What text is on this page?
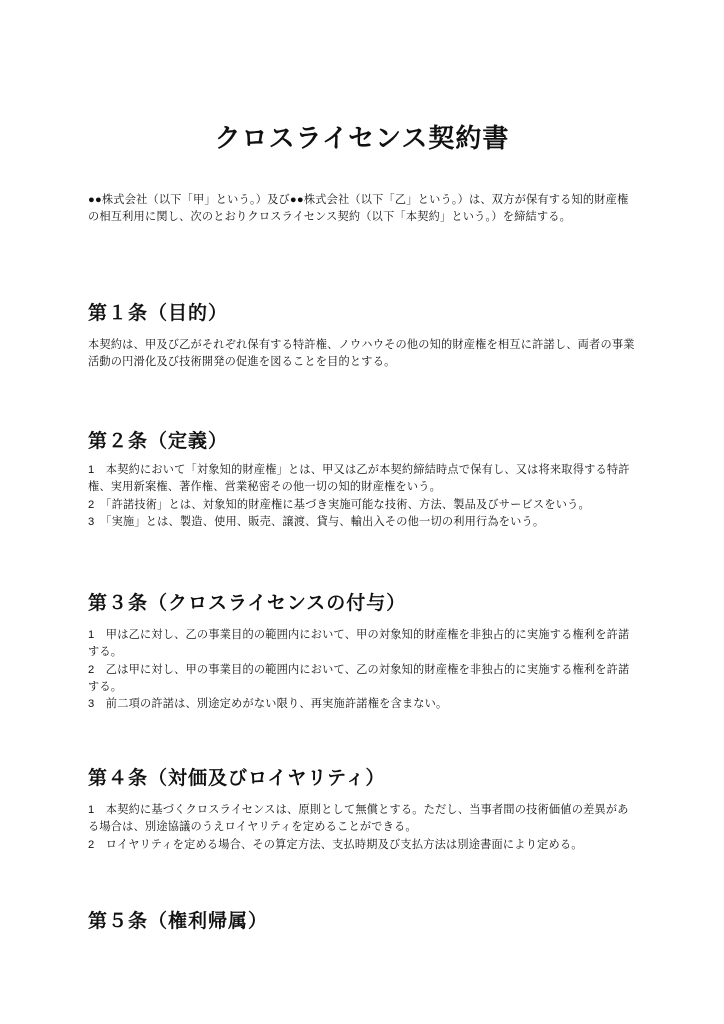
クロスライセンス契約書

●●株式会社（以下「甲」という。）及び●●株式会社（以下「乙」という。）は、双方が保有する知的財産権の相互利用に関し、次のとおりクロスライセンス契約（以下「本契約」という。）を締結する。

第１条（目的）

本契約は、甲及び乙がそれぞれ保有する特許権、ノウハウその他の知的財産権を相互に許諾し、両者の事業活動の円滑化及び技術開発の促進を図ることを目的とする。

第２条（定義）

1　本契約において「対象知的財産権」とは、甲又は乙が本契約締結時点で保有し、又は将来取得する特許権、実用新案権、著作権、営業秘密その他一切の知的財産権をいう。

2　「許諾技術」とは、対象知的財産権に基づき実施可能な技術、方法、製品及びサービスをいう。

3　「実施」とは、製造、使用、販売、譲渡、貸与、輸出入その他一切の利用行為をいう。

第３条（クロスライセンスの付与）

1　甲は乙に対し、乙の事業目的の範囲内において、甲の対象知的財産権を非独占的に実施する権利を許諾する。

2　乙は甲に対し、甲の事業目的の範囲内において、乙の対象知的財産権を非独占的に実施する権利を許諾する。

3　前二項の許諾は、別途定めがない限り、再実施許諾権を含まない。

第４条（対価及びロイヤリティ）

1　本契約に基づくクロスライセンスは、原則として無償とする。ただし、当事者間の技術価値の差異がある場合は、別途協議のうえロイヤリティを定めることができる。

2　ロイヤリティを定める場合、その算定方法、支払時期及び支払方法は別途書面により定める。

第５条（権利帰属）
